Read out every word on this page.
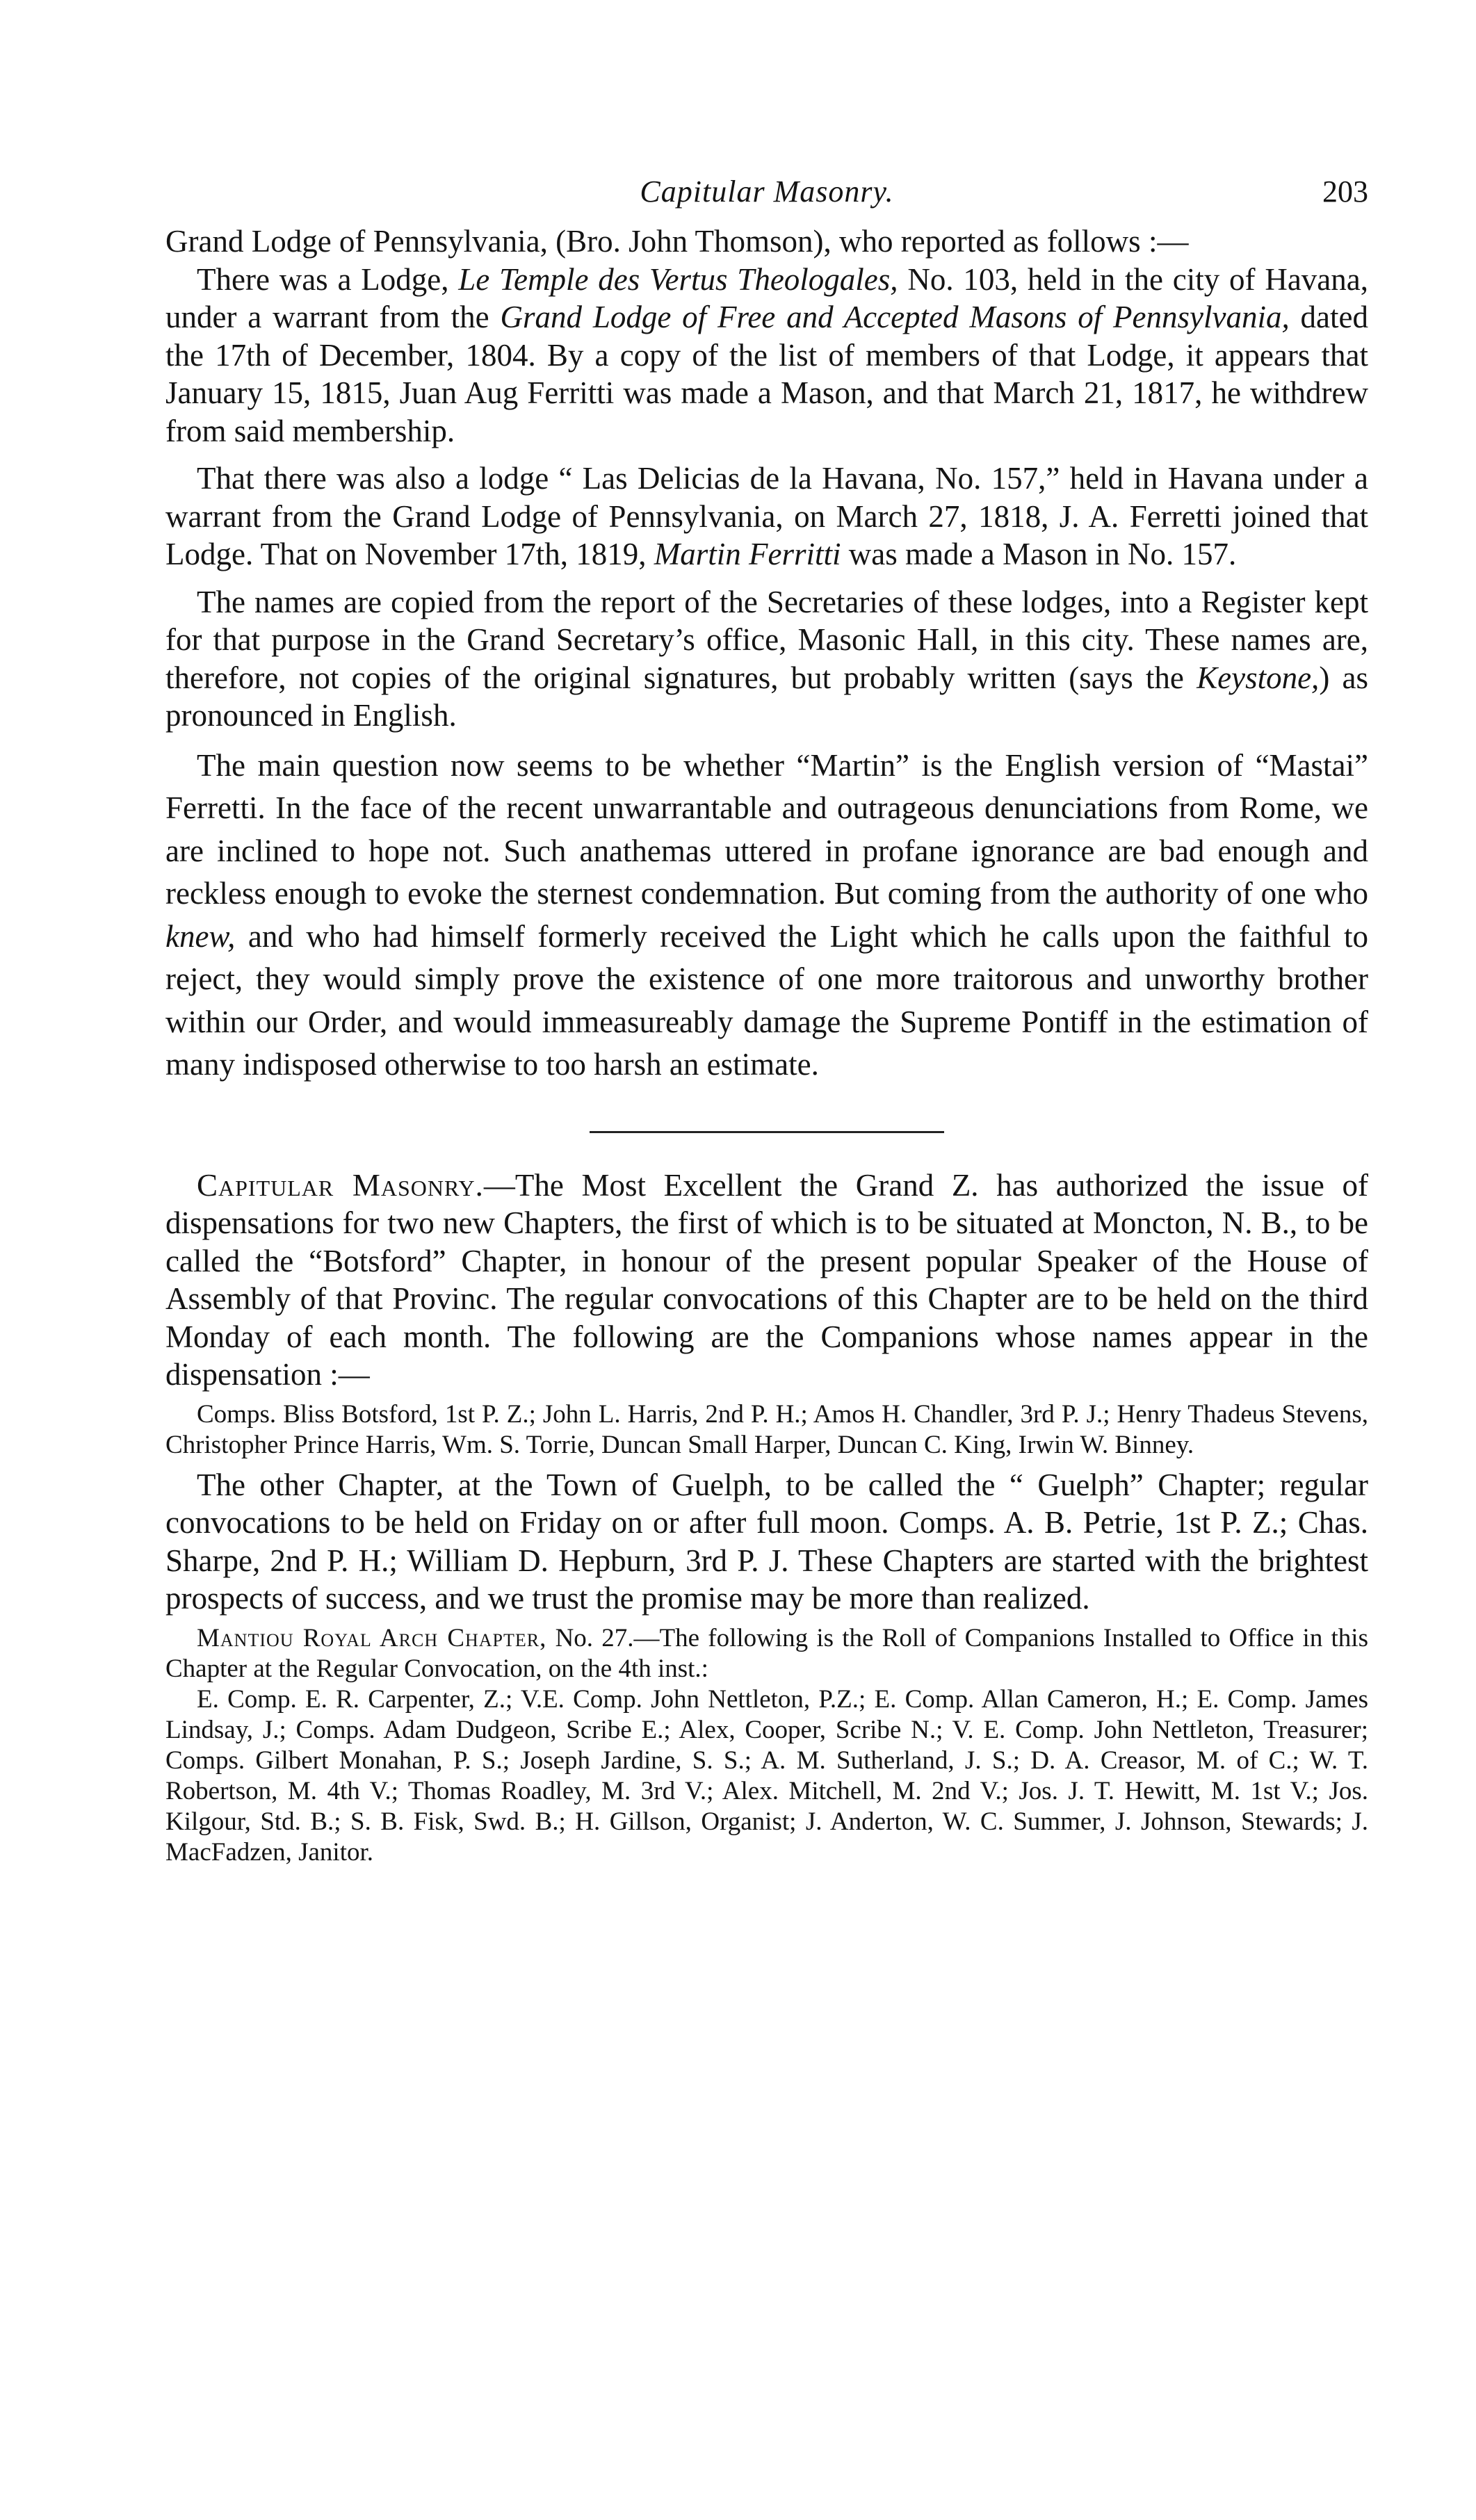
Capitular Masonry.	203

Grand Lodge of Pennsylvania, (Bro. John Thomson), who reported as follows :—

There was a Lodge, Le Temple des Vertus Theologales, No. 103, held in the city of Havana, under a warrant from the Grand Lodge of Free and Accepted Masons of Pennsylvania, dated the 17th of December, 1804. By a copy of the list of members of that Lodge, it appears that January 15, 1815, Juan Aug Ferritti was made a Mason, and that March 21, 1817, he withdrew from said membership.

That there was also a lodge “ Las Delicias de la Havana, No. 157,” held in Havana under a warrant from the Grand Lodge of Pennsylvania, on March 27, 1818, J. A. Ferretti joined that Lodge. That on November 17th, 1819, Martin Ferritti was made a Mason in No. 157.

The names are copied from the report of the Secretaries of these lodges, into a Register kept for that purpose in the Grand Secretary’s office, Masonic Hall, in this city. These names are, therefore, not copies of the original signatures, but probably written (says the Keystone,) as pronounced in English.

The main question now seems to be whether “Martin” is the English version of “Mastai” Ferretti. In the face of the recent unwarrantable and outrageous denunciations from Rome, we are inclined to hope not. Such anathemas uttered in profane ignorance are bad enough and reckless enough to evoke the sternest condemnation. But coming from the authority of one who knew, and who had himself formerly received the Light which he calls upon the faithful to reject, they would simply prove the existence of one more traitorous and unworthy brother within our Order, and would immeasureably damage the Supreme Pontiff in the estimation of many indisposed otherwise to too harsh an estimate.

Capitular Masonry.—The Most Excellent the Grand Z. has authorized the issue of dispensations for two new Chapters, the first of which is to be situated at Moncton, N. B., to be called the “Botsford” Chapter, in honour of the present popular Speaker of the House of Assembly of that Provinc. The regular convocations of this Chapter are to be held on the third Monday of each month. The following are the Companions whose names appear in the dispensation :—

Comps. Bliss Botsford, 1st P. Z.; John L. Harris, 2nd P. H.; Amos H. Chandler, 3rd P. J.; Henry Thadeus Stevens, Christopher Prince Harris, Wm. S. Torrie, Duncan Small Harper, Duncan C. King, Irwin W. Binney.

The other Chapter, at the Town of Guelph, to be called the “ Guelph” Chapter; regular convocations to be held on Friday on or after full moon. Comps. A. B. Petrie, 1st P. Z.; Chas. Sharpe, 2nd P. H.; William D. Hepburn, 3rd P. J. These Chapters are started with the brightest prospects of success, and we trust the promise may be more than realized.

Mantiou Royal Arch Chapter, No. 27.—The following is the Roll of Companions Installed to Office in this Chapter at the Regular Convocation, on the 4th inst.:

E. Comp. E. R. Carpenter, Z.; V.E. Comp. John Nettleton, P.Z.; E. Comp. Allan Cameron, H.; E. Comp. James Lindsay, J.; Comps. Adam Dudgeon, Scribe E.; Alex, Cooper, Scribe N.; V. E. Comp. John Nettleton, Treasurer; Comps. Gilbert Monahan, P. S.; Joseph Jardine, S. S.; A. M. Sutherland, J. S.; D. A. Creasor, M. of C.; W. T. Robertson, M. 4th V.; Thomas Roadley, M. 3rd V.; Alex. Mitchell, M. 2nd V.; Jos. J. T. Hewitt, M. 1st V.; Jos. Kilgour, Std. B.; S. B. Fisk, Swd. B.; H. Gillson, Organist; J. Anderton, W. C. Summer, J. Johnson, Stewards; J. MacFadzen, Janitor.
